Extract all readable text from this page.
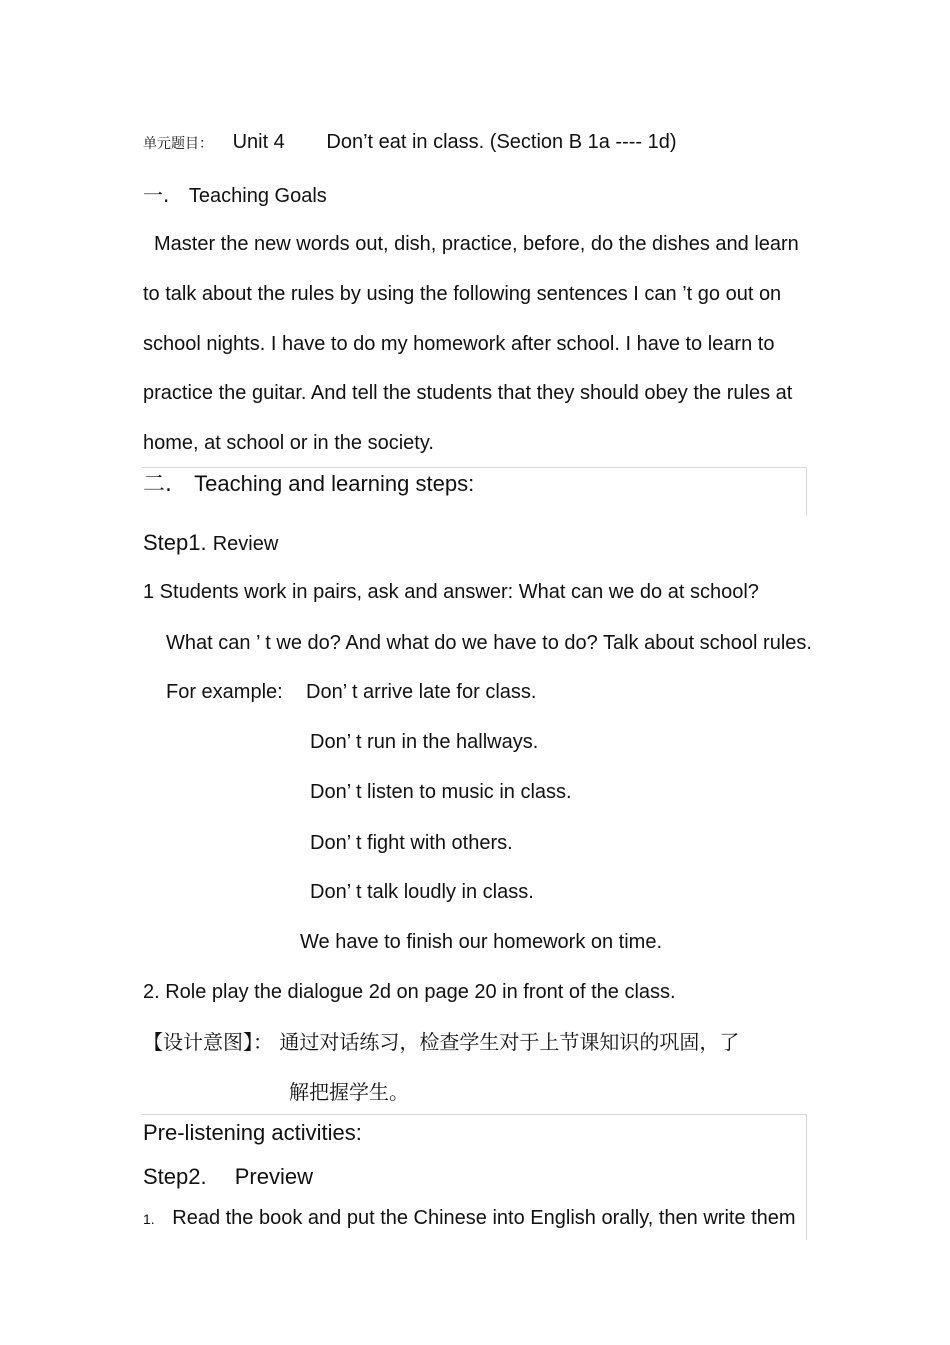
单元题目： Unit 4 Don’t eat in class. (Section B 1a ---- 1d)
一. Teaching Goals
Master the new words out, dish, practice, before, do the dishes and learn
to talk about the rules by using the following sentences I can ’t go out on
school nights. I have to do my homework after school. I have to learn to
practice the guitar. And tell the students that they should obey the rules at
home, at school or in the society.
二. Teaching and learning steps:
Step1. Review
1 Students work in pairs, ask and answer: What can we do at school?
What can ’ t we do? And what do we have to do? Talk about school rules.
For example: Don’ t arrive late for class.
Don’ t run in the hallways.
Don’ t listen to music in class.
Don’ t fight with others.
Don’ t talk loudly in class.
We have to finish our homework on time.
2. Role play the dialogue 2d on page 20 in front of the class.
【设计意图】： 通过对话练习，检查学生对于上节课知识的巩固，了
解把握学生。
Pre-listening activities:
Step2. Preview
1. Read the book and put the Chinese into English orally, then write them
